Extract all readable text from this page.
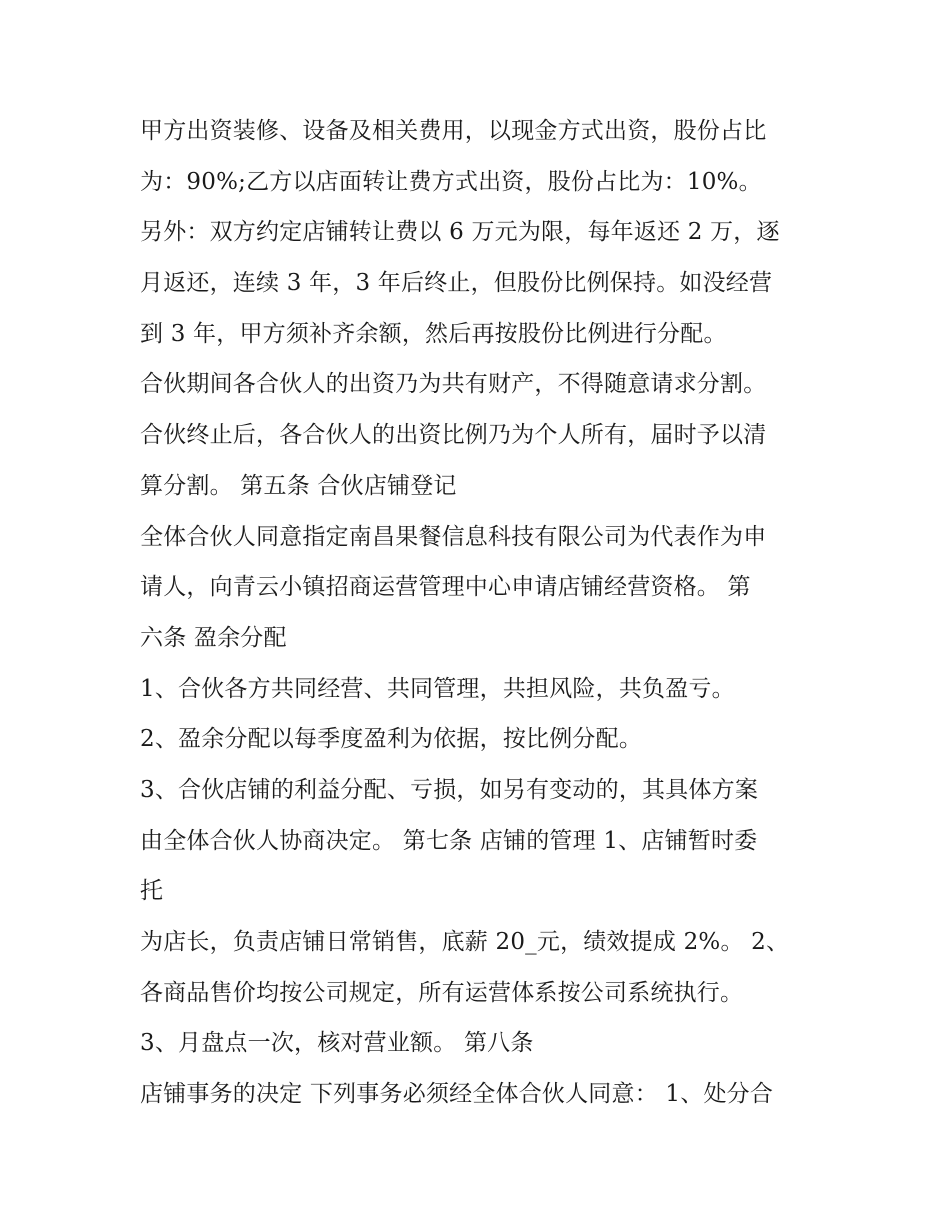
甲方出资装修、设备及相关费用，以现金方式出资，股份占比
为：90%;乙方以店面转让费方式出资，股份占比为：10%。
另外：双方约定店铺转让费以 6 万元为限，每年返还 2 万，逐
月返还，连续 3 年，3 年后终止，但股份比例保持。如没经营
到 3 年，甲方须补齐余额，然后再按股份比例进行分配。
合伙期间各合伙人的出资乃为共有财产，不得随意请求分割。
合伙终止后，各合伙人的出资比例乃为个人所有，届时予以清
算分割。 第五条 合伙店铺登记
全体合伙人同意指定南昌果餐信息科技有限公司为代表作为申
请人，向青云小镇招商运营管理中心申请店铺经营资格。 第
六条 盈余分配
1、合伙各方共同经营、共同管理，共担风险，共负盈亏。
2、盈余分配以每季度盈利为依据，按比例分配。
3、合伙店铺的利益分配、亏损，如另有变动的，其具体方案
由全体合伙人协商决定。 第七条 店铺的管理 1、店铺暂时委
托
为店长，负责店铺日常销售，底薪 20_元，绩效提成 2%。 2、
各商品售价均按公司规定，所有运营体系按公司系统执行。
3、月盘点一次，核对营业额。 第八条
店铺事务的决定 下列事务必须经全体合伙人同意： 1、处分合
